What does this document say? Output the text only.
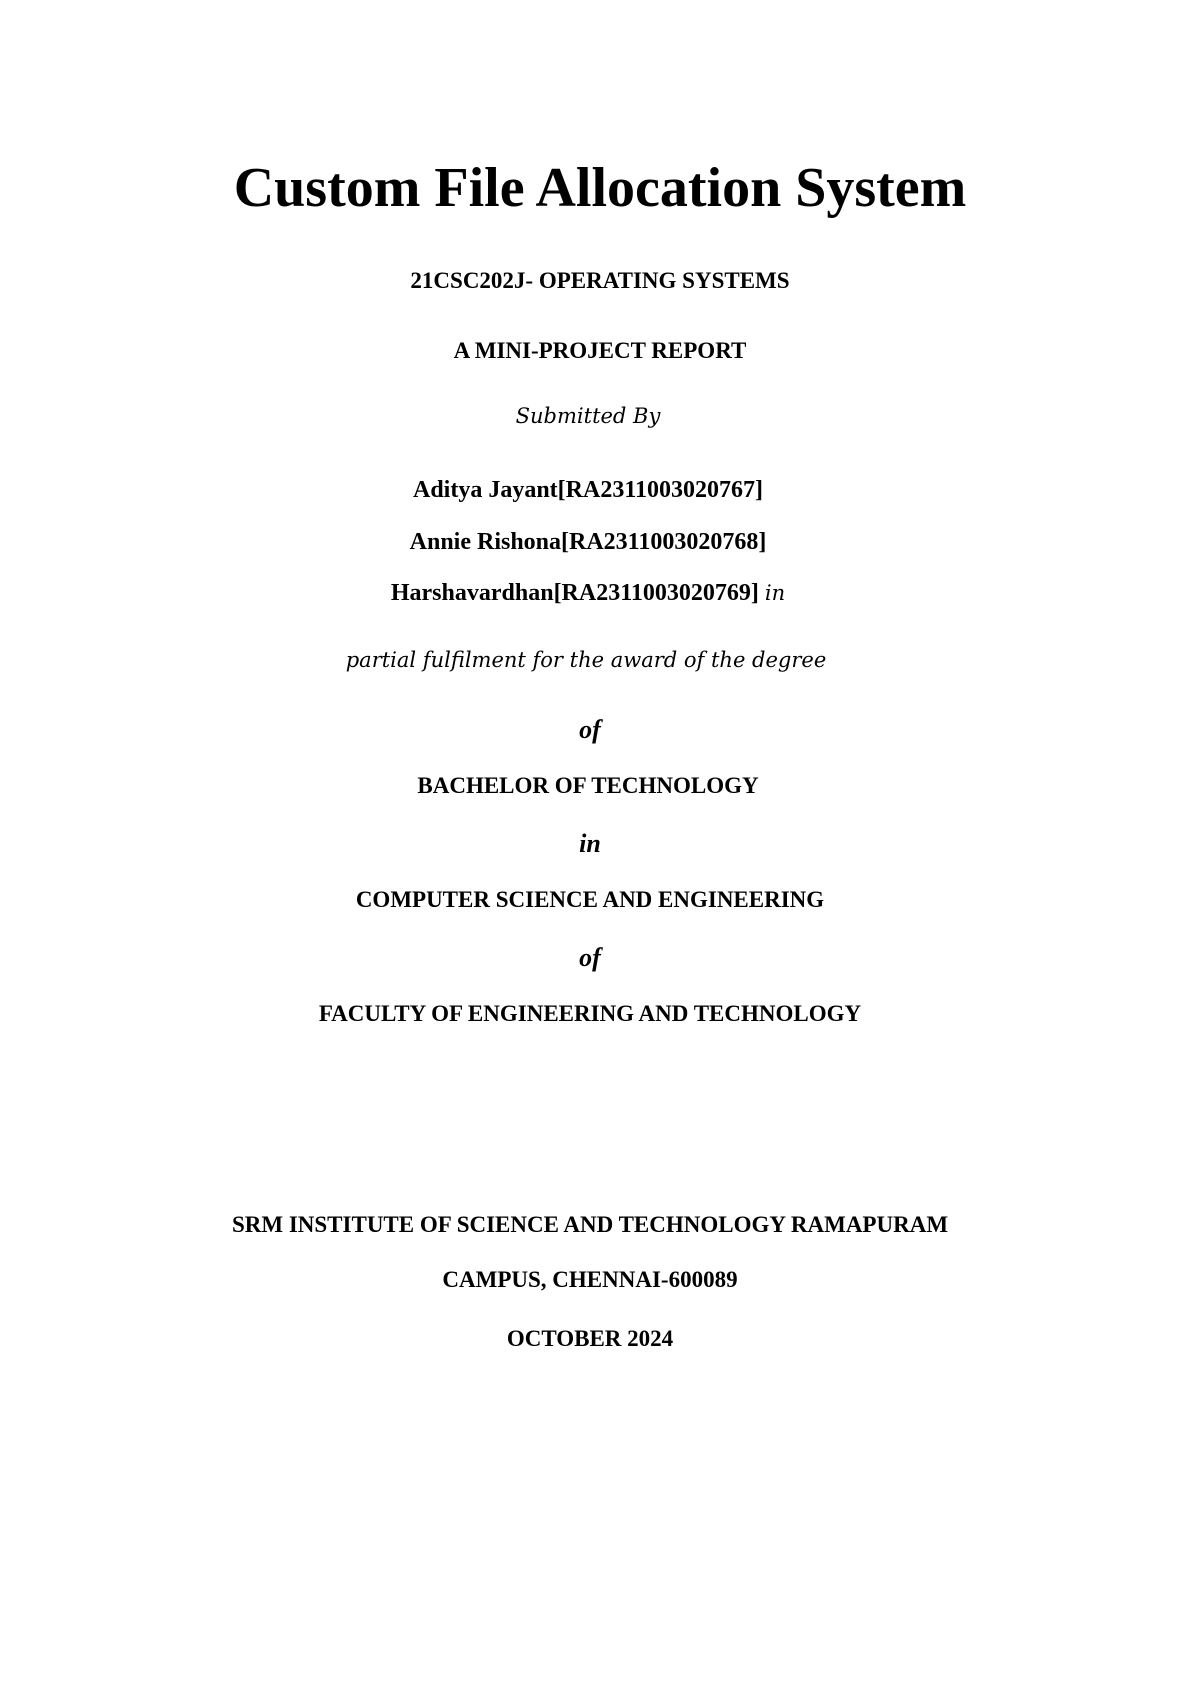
Custom File Allocation System
21CSC202J- OPERATING SYSTEMS
A MINI-PROJECT REPORT
Submitted By
Aditya Jayant[RA2311003020767]
Annie Rishona[RA2311003020768]
Harshavardhan[RA2311003020769] in
partial fulfilment for the award of the degree
of
BACHELOR OF TECHNOLOGY
in
COMPUTER SCIENCE AND ENGINEERING
of
FACULTY OF ENGINEERING AND TECHNOLOGY
SRM INSTITUTE OF SCIENCE AND TECHNOLOGY RAMAPURAM
CAMPUS, CHENNAI-600089
OCTOBER 2024
